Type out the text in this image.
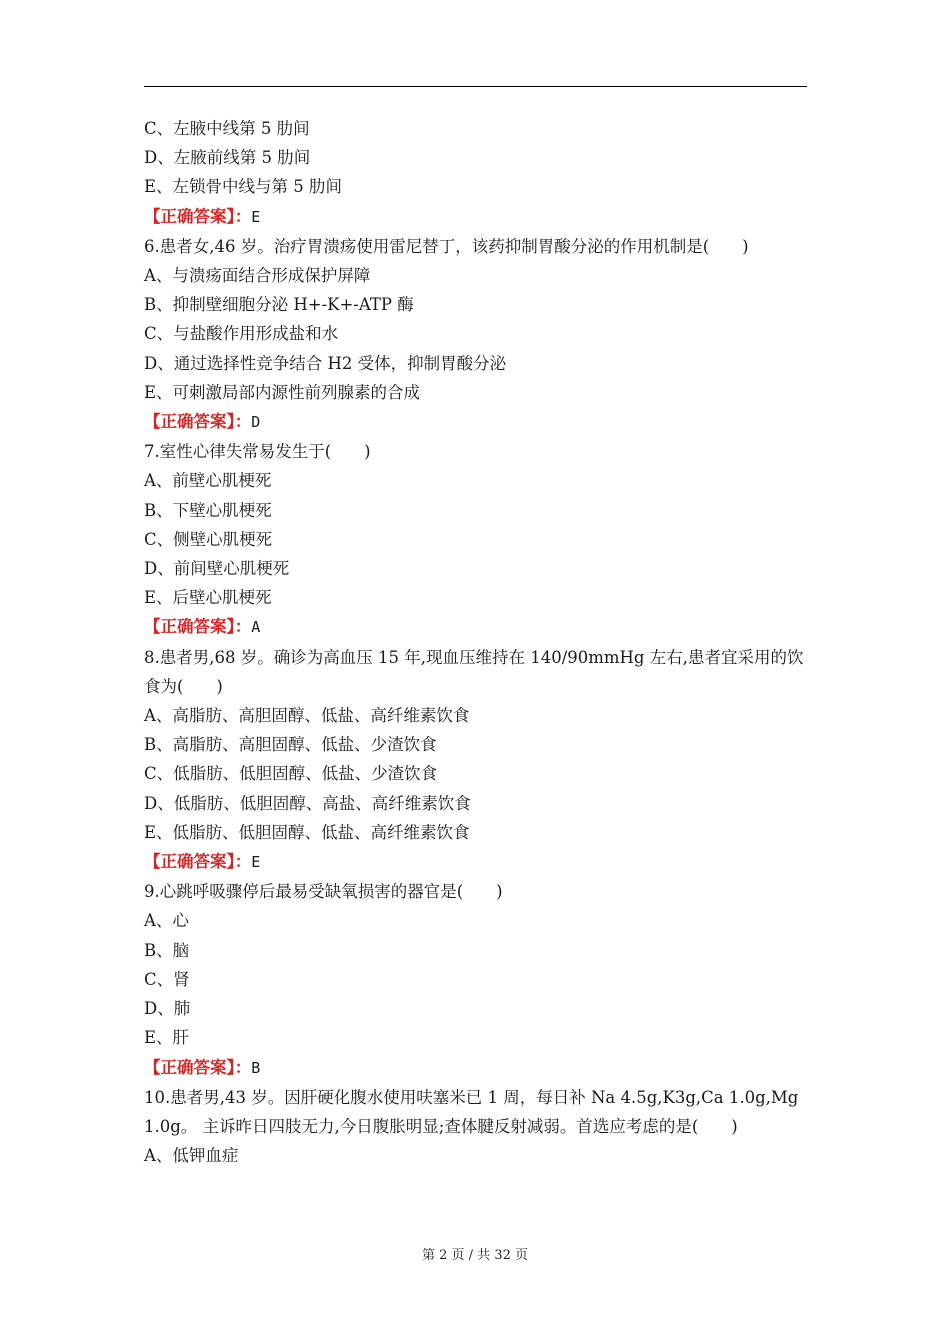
C、左腋中线第 5 肋间
D、左腋前线第 5 肋间
E、左锁骨中线与第 5 肋间
【正确答案】：E
6.患者女,46 岁。治疗胃溃疡使用雷尼替丁，该药抑制胃酸分泌的作用机制是(　　)
A、与溃疡面结合形成保护屏障
B、抑制壁细胞分泌 H+-K+-ATP 酶
C、与盐酸作用形成盐和水
D、通过选择性竞争结合 H2 受体，抑制胃酸分泌
E、可刺激局部内源性前列腺素的合成
【正确答案】：D
7.室性心律失常易发生于(　　)
A、前壁心肌梗死
B、下壁心肌梗死
C、侧壁心肌梗死
D、前间壁心肌梗死
E、后壁心肌梗死
【正确答案】：A
8.患者男,68 岁。确诊为高血压 15 年,现血压维持在 140/90mmHg 左右,患者宜采用的饮食为(　　)
A、高脂肪、高胆固醇、低盐、高纤维素饮食
B、高脂肪、高胆固醇、低盐、少渣饮食
C、低脂肪、低胆固醇、低盐、少渣饮食
D、低脂肪、低胆固醇、高盐、高纤维素饮食
E、低脂肪、低胆固醇、低盐、高纤维素饮食
【正确答案】：E
9.心跳呼吸骤停后最易受缺氧损害的器官是(　　)
A、心
B、脑
C、肾
D、肺
E、肝
【正确答案】：B
10.患者男,43 岁。因肝硬化腹水使用呋塞米已 1 周，每日补 Na 4.5g,K3g,Ca 1.0g,Mg 1.0g。 主诉昨日四肢无力,今日腹胀明显;查体腱反射减弱。首选应考虑的是(　　)
A、低钾血症
第 2 页 / 共 32 页
